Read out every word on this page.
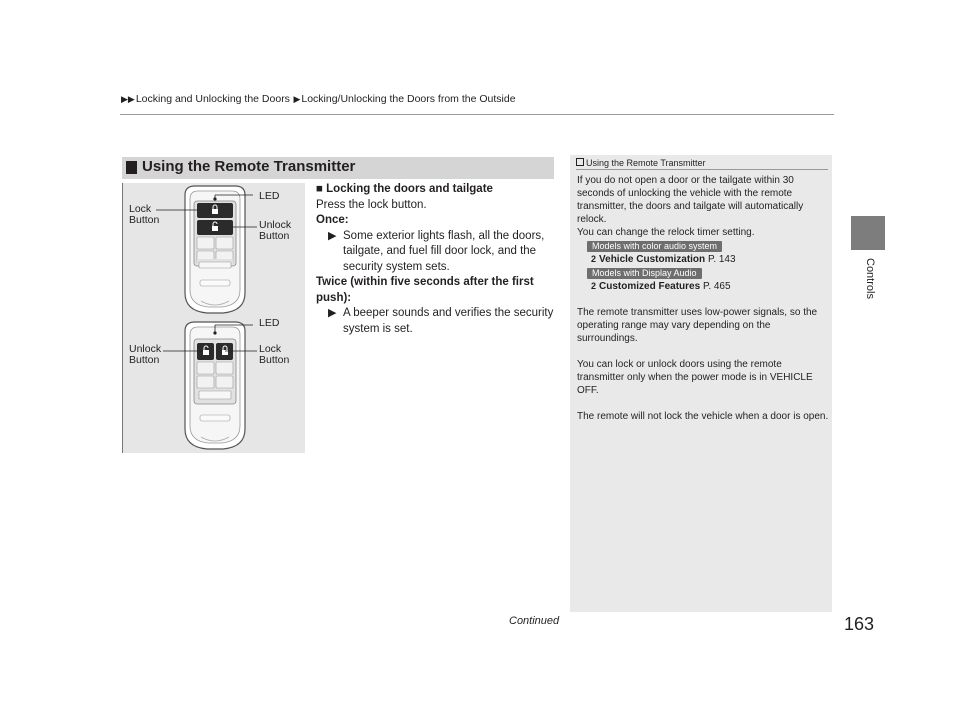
▶▶Locking and Unlocking the Doors ▶Locking/Unlocking the Doors from the Outside
Controls
Using the Remote Transmitter
LED
Lock Button	Unlock Button
LED
Unlock Button
Lock Button
■ Locking the doors and tailgate
Press the lock button.
Once:
▶ Some exterior lights flash, all the doors, tailgate, and fuel fill door lock, and the security system sets.
Twice (within five seconds after the first push):
▶ A beeper sounds and verifies the security system is set.
Using the Remote Transmitter

If you do not open a door or the tailgate within 30 seconds of unlocking the vehicle with the remote transmitter, the doors and tailgate will automatically relock.

You can change the relock timer setting.

Models with color audio system
2 Vehicle Customization P. 143
Models with Display Audio
2 Customized Features P. 465

The remote transmitter uses low-power signals, so the operating range may vary depending on the surroundings.

You can lock or unlock doors using the remote transmitter only when the power mode is in VEHICLE OFF.

The remote will not lock the vehicle when a door is open.

Continued	163
